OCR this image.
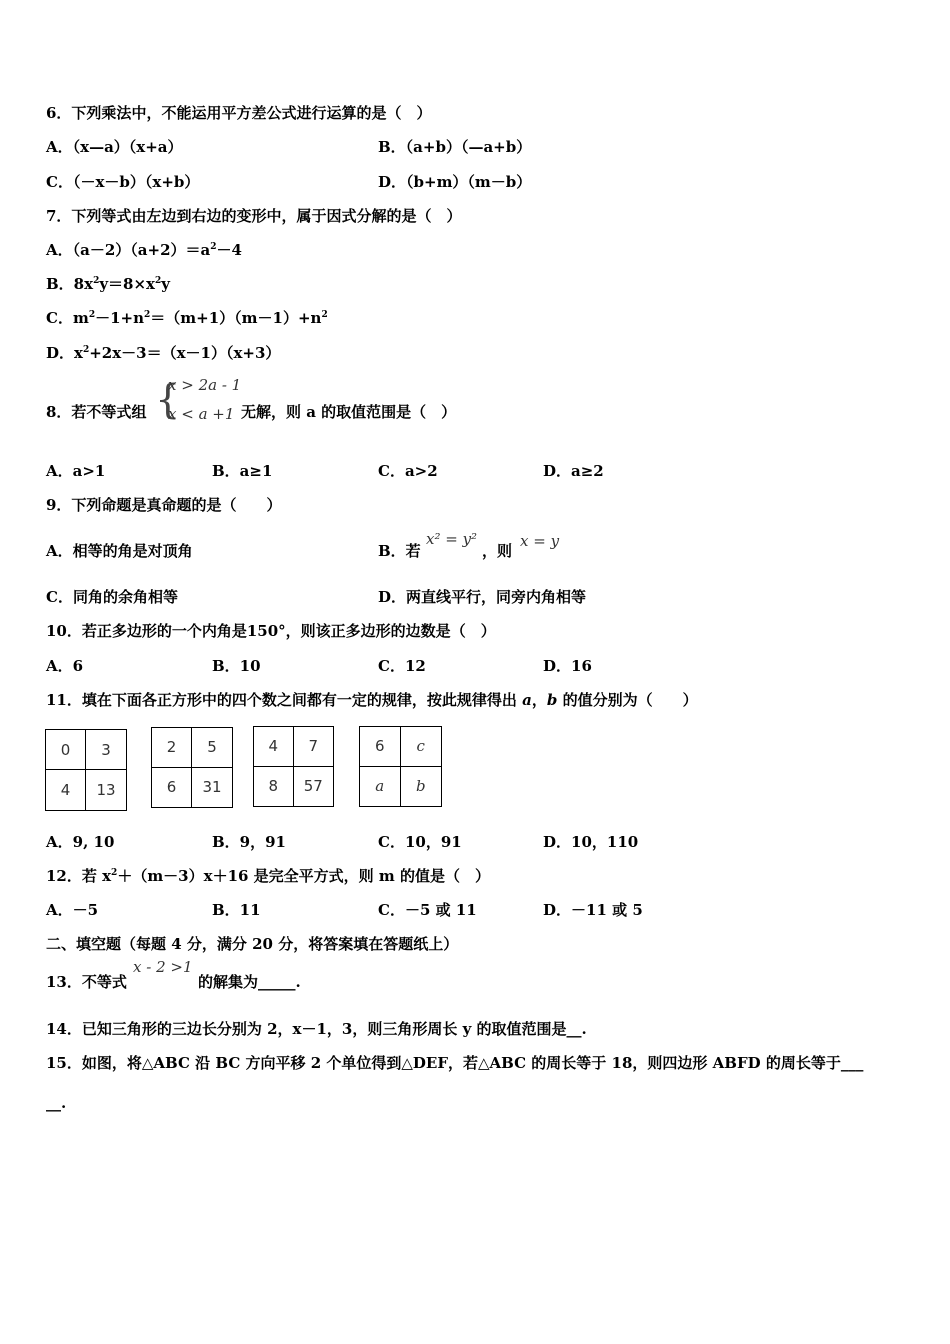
6．下列乘法中，不能运用平方差公式进行运算的是（　）
A．（x—a）（x+a）	B．（a+b）（—a+b）
C．（－x－b）（x+b）	D．（b+m）（m－b）
7．下列等式由左边到右边的变形中，属于因式分解的是（　）
A．$(a-2)(a+2)=a^2-4$
B．$8x^2y=8\times x^2y$
C．$m^2-1+n^2=(m+1)(m-1)+n^2$
D．$x^2+2x-3=(x-1)(x+3)$
8．若不等式组 {
x > 2a - 1
x < a +1 无解，则 a 的取值范围是（　）
A．a>1	B．a≥1	C．a>2	D．a≥2
9．下列命题是真命题的是（　　）
A．相等的角是对顶角	B．若
x² = y²
，则
x = y
C．同角的余角相等	D．两直线平行，同旁内角相等
10．若正多边形的一个内角是150°，则该正多边形的边数是（　）
A．6	B．10	C．12	D．16
11．填在下面各正方形中的四个数之间都有一定的规律，按此规律得出 a，b 的值分别为（　　）
0	3
4	13
2	5
6	31
4	7
8	57
6	c
a	b
A．9, 10	B．9，91	C．10，91	D．10，110
12．若 $x^2+(m-3)x+16$ 是完全平方式，则 m 的值是（　）
A．－5	B．11	C．－5 或 11	D．－11 或 5
二、填空题（每题 4 分，满分 20 分，将答案填在答题纸上）
13．不等式
x - 2 >1
的解集为_____.
14．已知三角形的三边长分别为 2，x－1，3，则三角形周长 y 的取值范围是__.
15．如图，将△ABC 沿 BC 方向平移 2 个单位得到△DEF，若△ABC 的周长等于 18，则四边形 ABFD 的周长等于___
__.
